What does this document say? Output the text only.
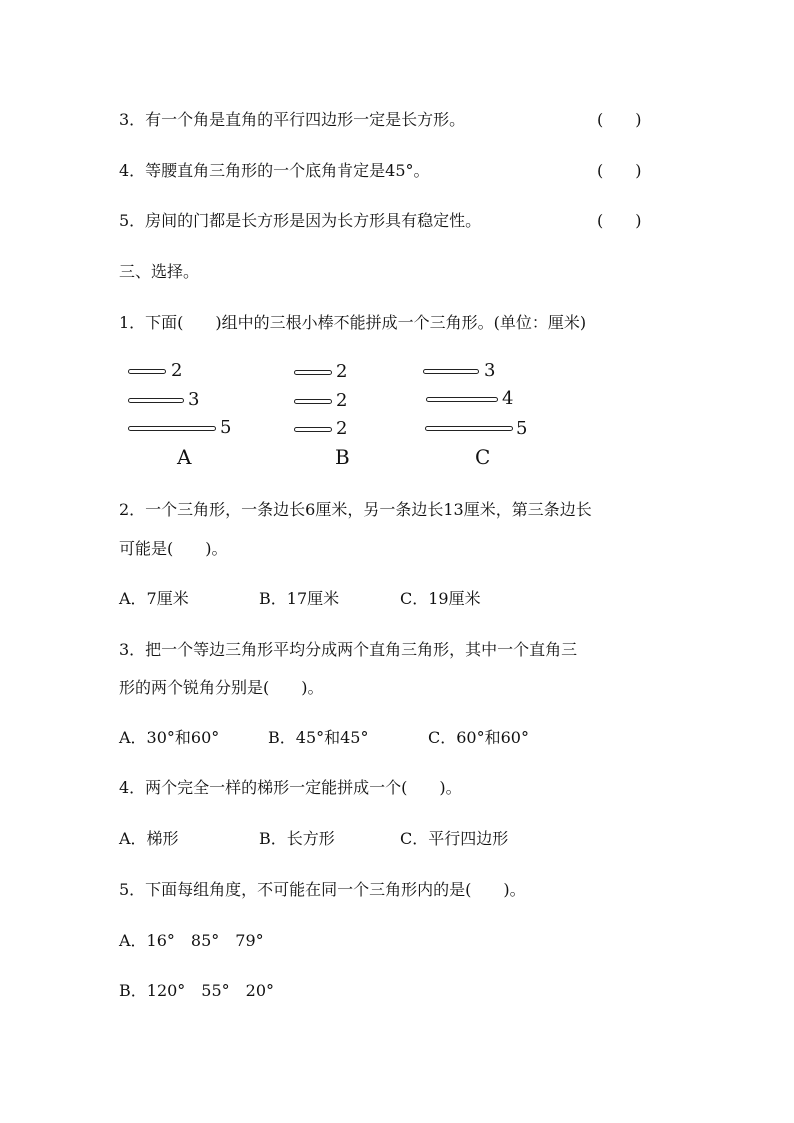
3．有一个角是直角的平行四边形一定是长方形。	(　　)
4．等腰直角三角形的一个底角肯定是45°。	(　　)
5．房间的门都是长方形是因为长方形具有稳定性。	(　　)
三、选择。
1．下面(　　)组中的三根小棒不能拼成一个三角形。(单位：厘米)
2
3
5
A
2
2
2
B
3
4
5
C
2．一个三角形，一条边长6厘米，另一条边长13厘米，第三条边长
可能是(　　)。
A．7厘米	B．17厘米	C．19厘米
3．把一个等边三角形平均分成两个直角三角形，其中一个直角三
形的两个锐角分别是(　　)。
A．30°和60°	B．45°和45°	C．60°和60°
4．两个完全一样的梯形一定能拼成一个(　　)。
A．梯形	B．长方形	C．平行四边形
5．下面每组角度，不可能在同一个三角形内的是(　　)。
A．16°　85°　79°
B．120°　55°　20°
